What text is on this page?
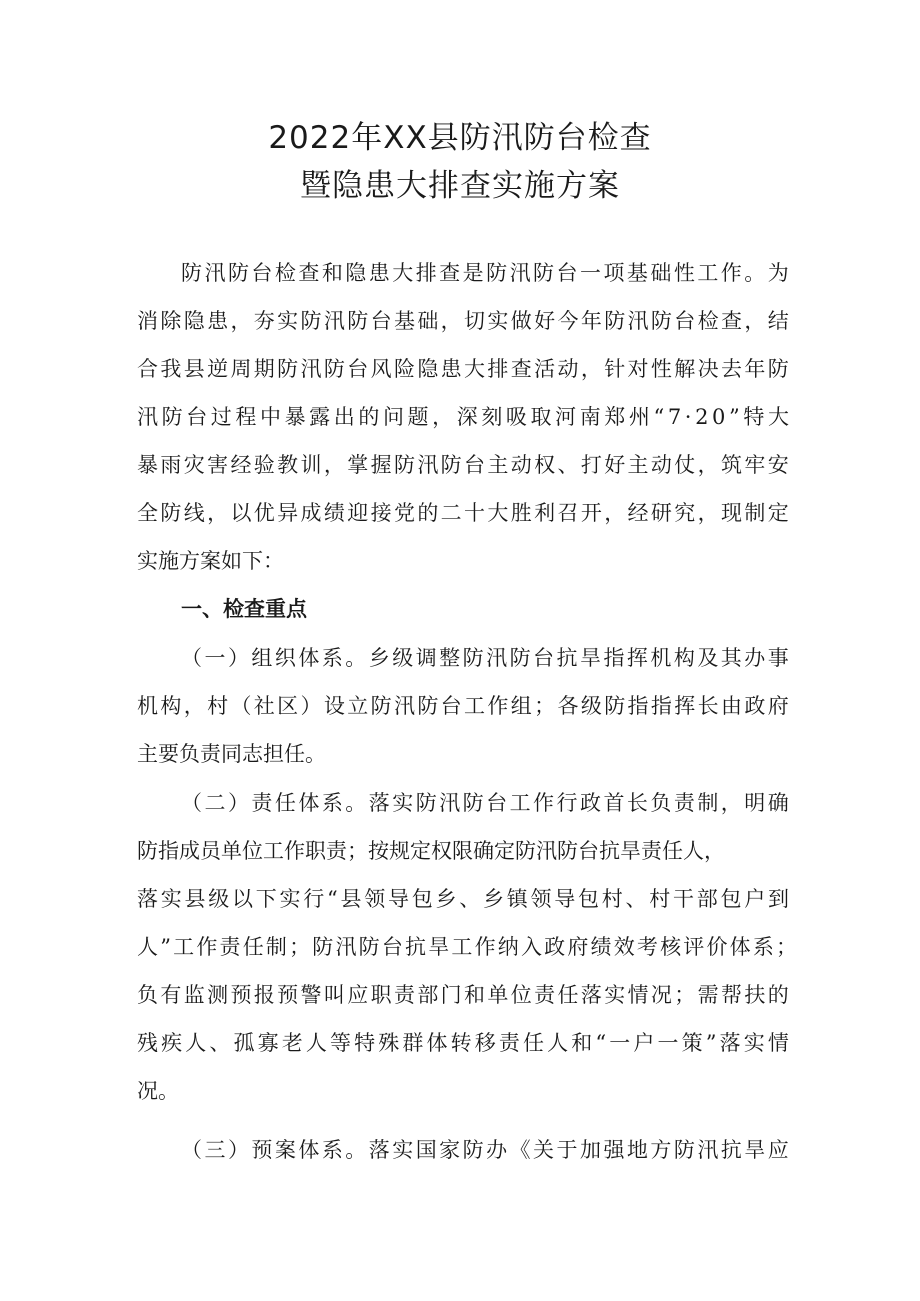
2022年XX县防汛防台检查
暨隐患大排查实施方案
防 汛 防 台 检 查 和 隐 患 大 排 查 是 防 汛 防 台 一 项 基 础 性 工 作 。 为
消 除 隐 患 ， 夯 实 防 汛 防 台 基 础 ， 切 实 做 好 今 年 防 汛 防 台 检 查 ， 结
合 我 县 逆 周 期 防 汛 防 台 风 险 隐 患 大 排 查 活 动 ， 针 对 性 解 决 去 年 防
汛 防 台 过 程 中 暴 露 出 的 问 题 ， 深 刻 吸 取 河 南 郑 州 “ 7 · 2 0 ” 特 大
暴 雨 灾 害 经 验 教 训 ， 掌 握 防 汛 防 台 主 动 权 、 打 好 主 动 仗 ， 筑 牢 安
全 防 线 ， 以 优 异 成 绩 迎 接 党 的 二 十 大 胜 利 召 开 ， 经 研 究 ， 现 制 定
实施方案如下：
一、检查重点
（ 一 ） 组 织 体 系 。 乡 级 调 整 防 汛 防 台 抗 旱 指 挥 机 构 及 其 办 事
机 构 ， 村 （ 社 区 ） 设 立 防 汛 防 台 工 作 组 ； 各 级 防 指 指 挥 长 由 政 府
主要负责同志担任。
（ 二 ） 责 任 体 系 。 落 实 防 汛 防 台 工 作 行 政 首 长 负 责 制 ， 明 确
防指成员单位工作职责；按规定权限确定防汛防台抗旱责任人，
落 实 县 级 以 下 实 行 “ 县 领 导 包 乡 、 乡 镇 领 导 包 村 、 村 干 部 包 户 到
人 ” 工 作 责 任 制 ； 防 汛 防 台 抗 旱 工 作 纳 入 政 府 绩 效 考 核 评 价 体 系 ；
负 有 监 测 预 报 预 警 叫 应 职 责 部 门 和 单 位 责 任 落 实 情 况 ； 需 帮 扶 的
残 疾 人 、 孤 寡 老 人 等 特 殊 群 体 转 移 责 任 人 和 “ 一 户 一 策 ” 落 实 情
况。
（ 三 ） 预 案 体 系 。 落 实 国 家 防 办 《 关 于 加 强 地 方 防 汛 抗 旱 应
